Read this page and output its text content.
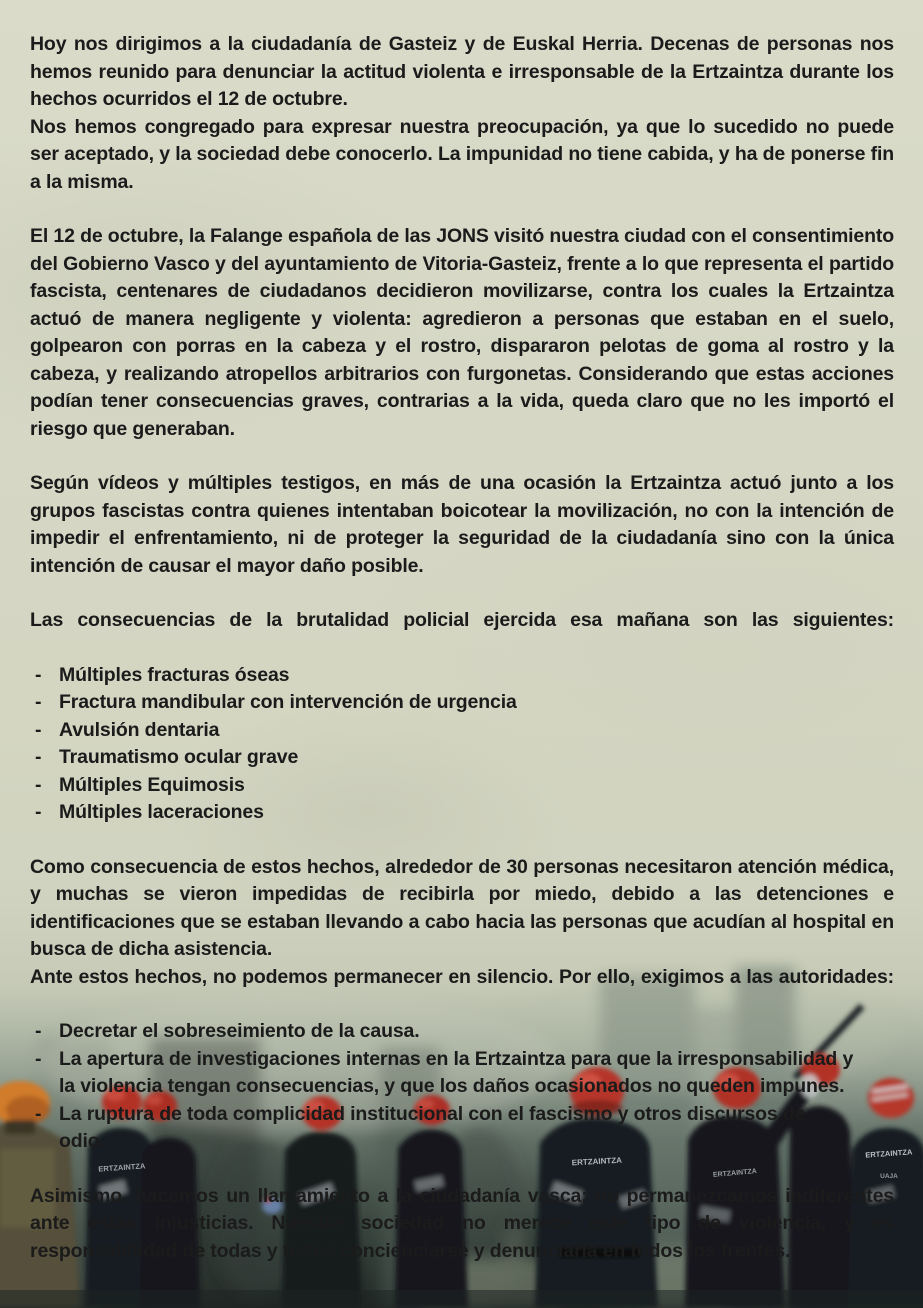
ERTZAINTZA	ERTZAINTZA
ERTZAINTZA
ERTZAINTZA
UAJA

Hoy nos dirigimos a la ciudadanía de Gasteiz y de Euskal Herria. Decenas de personas nos hemos reunido para denunciar la actitud violenta e irresponsable de la Ertzaintza durante los hechos ocurridos el 12 de octubre.

Nos hemos congregado para expresar nuestra preocupación, ya que lo sucedido no puede ser aceptado, y la sociedad debe conocerlo. La impunidad no tiene cabida, y ha de ponerse fin a la misma.

El 12 de octubre, la Falange española de las JONS visitó nuestra ciudad con el consentimiento del Gobierno Vasco y del ayuntamiento de Vitoria-Gasteiz, frente a lo que representa el partido fascista, centenares de ciudadanos decidieron movilizarse, contra los cuales la Ertzaintza actuó de manera negligente y violenta: agredieron a personas que estaban en el suelo, golpearon con porras en la cabeza y el rostro, dispararon pelotas de goma al rostro y la cabeza, y realizando atropellos arbitrarios con furgonetas. Considerando que estas acciones podían tener consecuencias graves, contrarias a la vida, queda claro que no les importó el riesgo que generaban.

Según vídeos y múltiples testigos, en más de una ocasión la Ertzaintza actuó junto a los grupos fascistas contra quienes intentaban boicotear la movilización, no con la intención de impedir el enfrentamiento, ni de proteger la seguridad de la ciudadanía sino con la única intención de causar el mayor daño posible.

Las consecuencias de la brutalidad policial ejercida esa mañana son las siguientes:

- Múltiples fracturas óseas
- Fractura mandibular con intervención de urgencia
- Avulsión dentaria
- Traumatismo ocular grave
- Múltiples Equimosis
- Múltiples laceraciones

Como consecuencia de estos hechos, alrededor de 30 personas necesitaron atención médica, y muchas se vieron impedidas de recibirla por miedo, debido a las detenciones e identificaciones que se estaban llevando a cabo hacia las personas que acudían al hospital en busca de dicha asistencia.

Ante estos hechos, no podemos permanecer en silencio. Por ello, exigimos a las autoridades:

- Decretar el sobreseimiento de la causa.
- La apertura de investigaciones internas en la Ertzaintza para que la irresponsabilidad y la violencia tengan consecuencias, y que los daños ocasionados no queden impunes.
- La ruptura de toda complicidad institucional con el fascismo y otros discursos de odio.

Asimismo, hacemos un llamamiento a la ciudadanía vasca: no permanezcamos indiferentes ante estas injusticias. Nuestra sociedad no merece este tipo de violencia, y es responsabilidad de todas y todos concienciarse y denunciarla en todos los frentes.
